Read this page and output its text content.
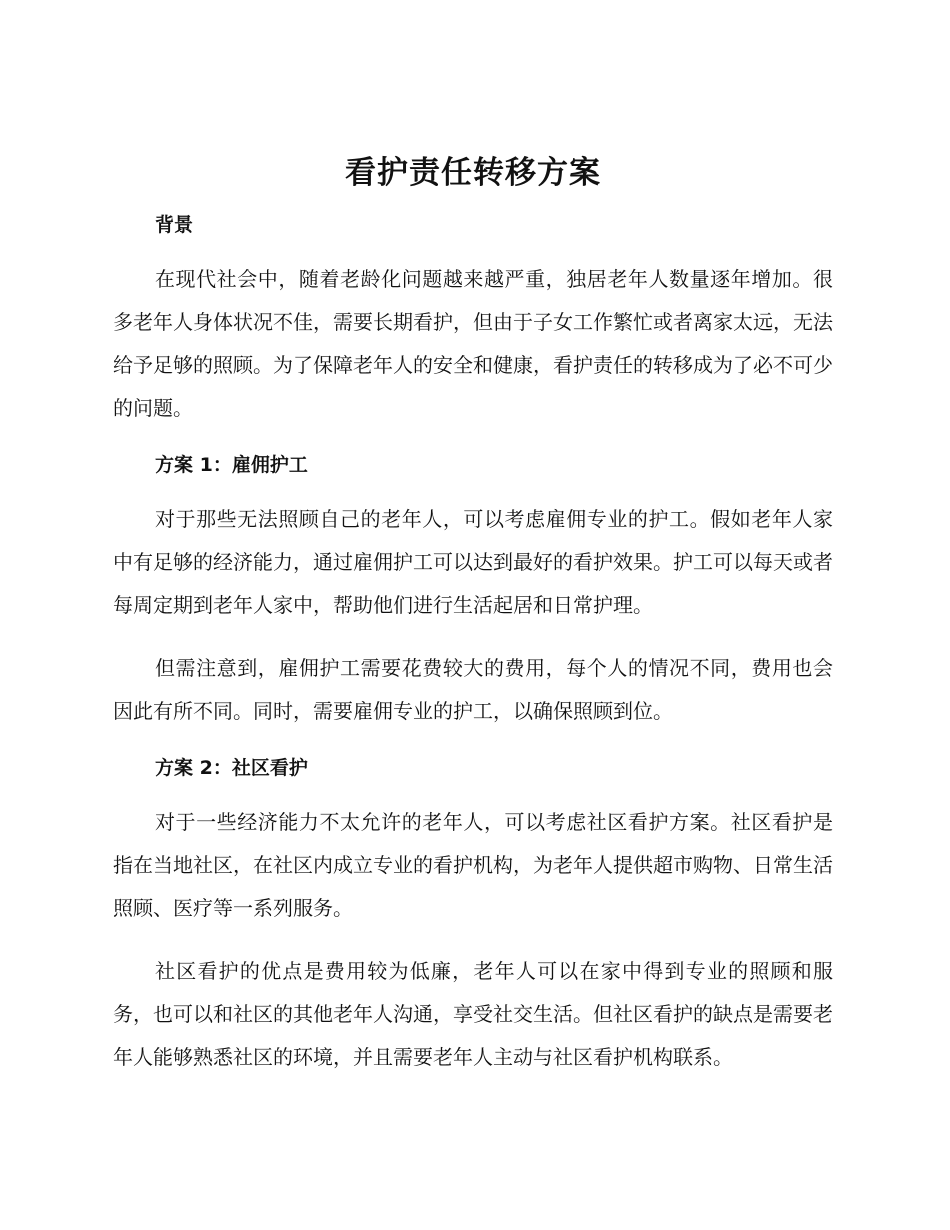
看护责任转移方案
背景

在现代社会中，随着老龄化问题越来越严重，独居老年人数量逐年增加。很多老年人身体状况不佳，需要长期看护，但由于子女工作繁忙或者离家太远，无法给予足够的照顾。为了保障老年人的安全和健康，看护责任的转移成为了必不可少的问题。

方案 1：雇佣护工

对于那些无法照顾自己的老年人，可以考虑雇佣专业的护工。假如老年人家中有足够的经济能力，通过雇佣护工可以达到最好的看护效果。护工可以每天或者每周定期到老年人家中，帮助他们进行生活起居和日常护理。

但需注意到，雇佣护工需要花费较大的费用，每个人的情况不同，费用也会因此有所不同。同时，需要雇佣专业的护工，以确保照顾到位。

方案 2：社区看护

对于一些经济能力不太允许的老年人，可以考虑社区看护方案。社区看护是指在当地社区，在社区内成立专业的看护机构，为老年人提供超市购物、日常生活照顾、医疗等一系列服务。

社区看护的优点是费用较为低廉，老年人可以在家中得到专业的照顾和服务，也可以和社区的其他老年人沟通，享受社交生活。但社区看护的缺点是需要老年人能够熟悉社区的环境，并且需要老年人主动与社区看护机构联系。
